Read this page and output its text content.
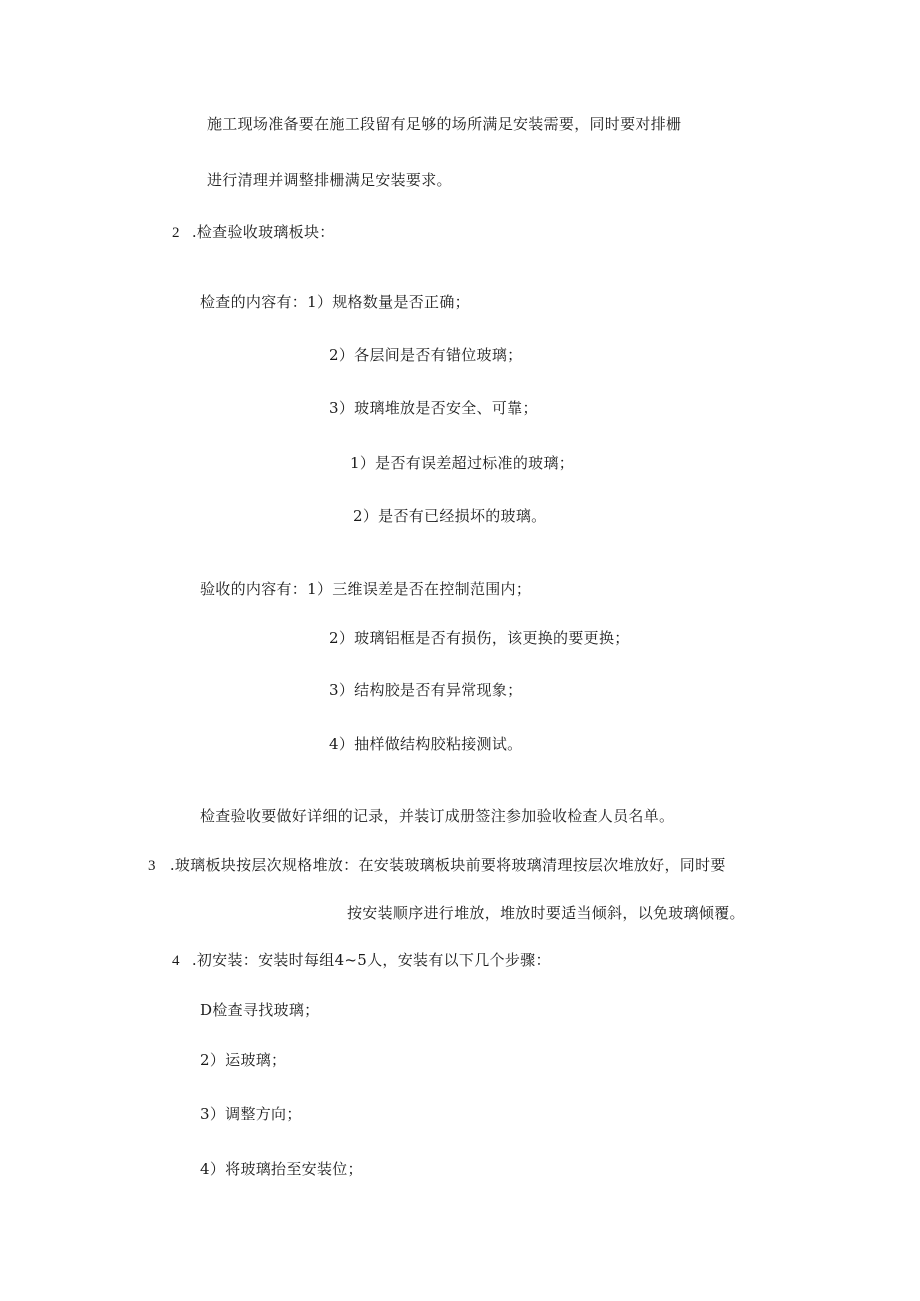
施工现场准备要在施工段留有足够的场所满足安装需要，同时要对排栅
进行清理并调整排栅满足安装要求。
2 .检查验收玻璃板块：
检查的内容有：1）规格数量是否正确；
2）各层间是否有错位玻璃；
3）玻璃堆放是否安全、可靠；
1）是否有误差超过标准的玻璃；
2）是否有已经损坏的玻璃。
验收的内容有：1）三维误差是否在控制范围内；
2）玻璃铝框是否有损伤，该更换的要更换；
3）结构胶是否有异常现象；
4）抽样做结构胶粘接测试。
检查验收要做好详细的记录，并装订成册签注参加验收检查人员名单。
3 .玻璃板块按层次规格堆放：在安装玻璃板块前要将玻璃清理按层次堆放好，同时要
按安装顺序进行堆放，堆放时要适当倾斜，以免玻璃倾覆。
4 .初安装：安装时每组4~5人，安装有以下几个步骤：
D检查寻找玻璃；
2）运玻璃；
3）调整方向；
4）将玻璃抬至安装位；
